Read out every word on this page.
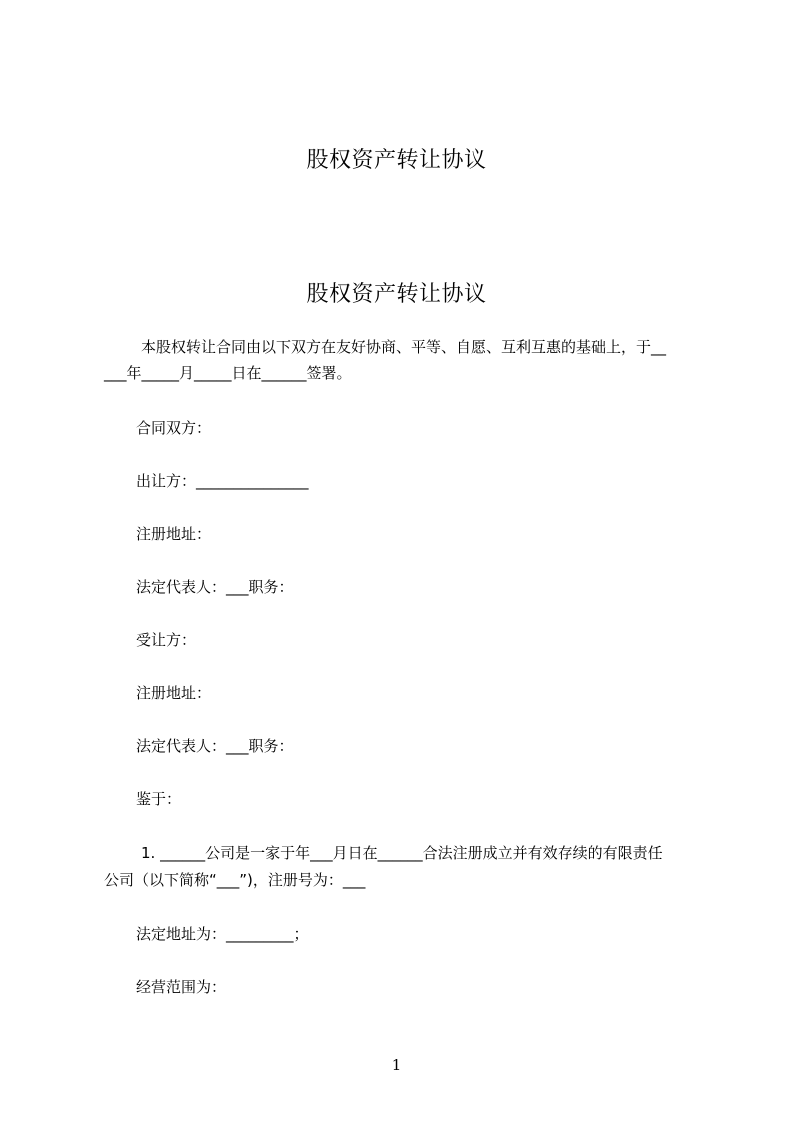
股权资产转让协议
股权资产转让协议
本股权转让合同由以下双方在友好协商、平等、自愿、互利互惠的基础上，于__
___年_____月_____日在______签署。
合同双方：
出让方：_______________
注册地址：
法定代表人：___职务：
受让方：
注册地址：
法定代表人：___职务：
鉴于：
1. ______公司是一家于年___月日在______合法注册成立并有效存续的有限责任
公司（以下简称“___”)，注册号为：___
法定地址为：_________；
经营范围为：
1
